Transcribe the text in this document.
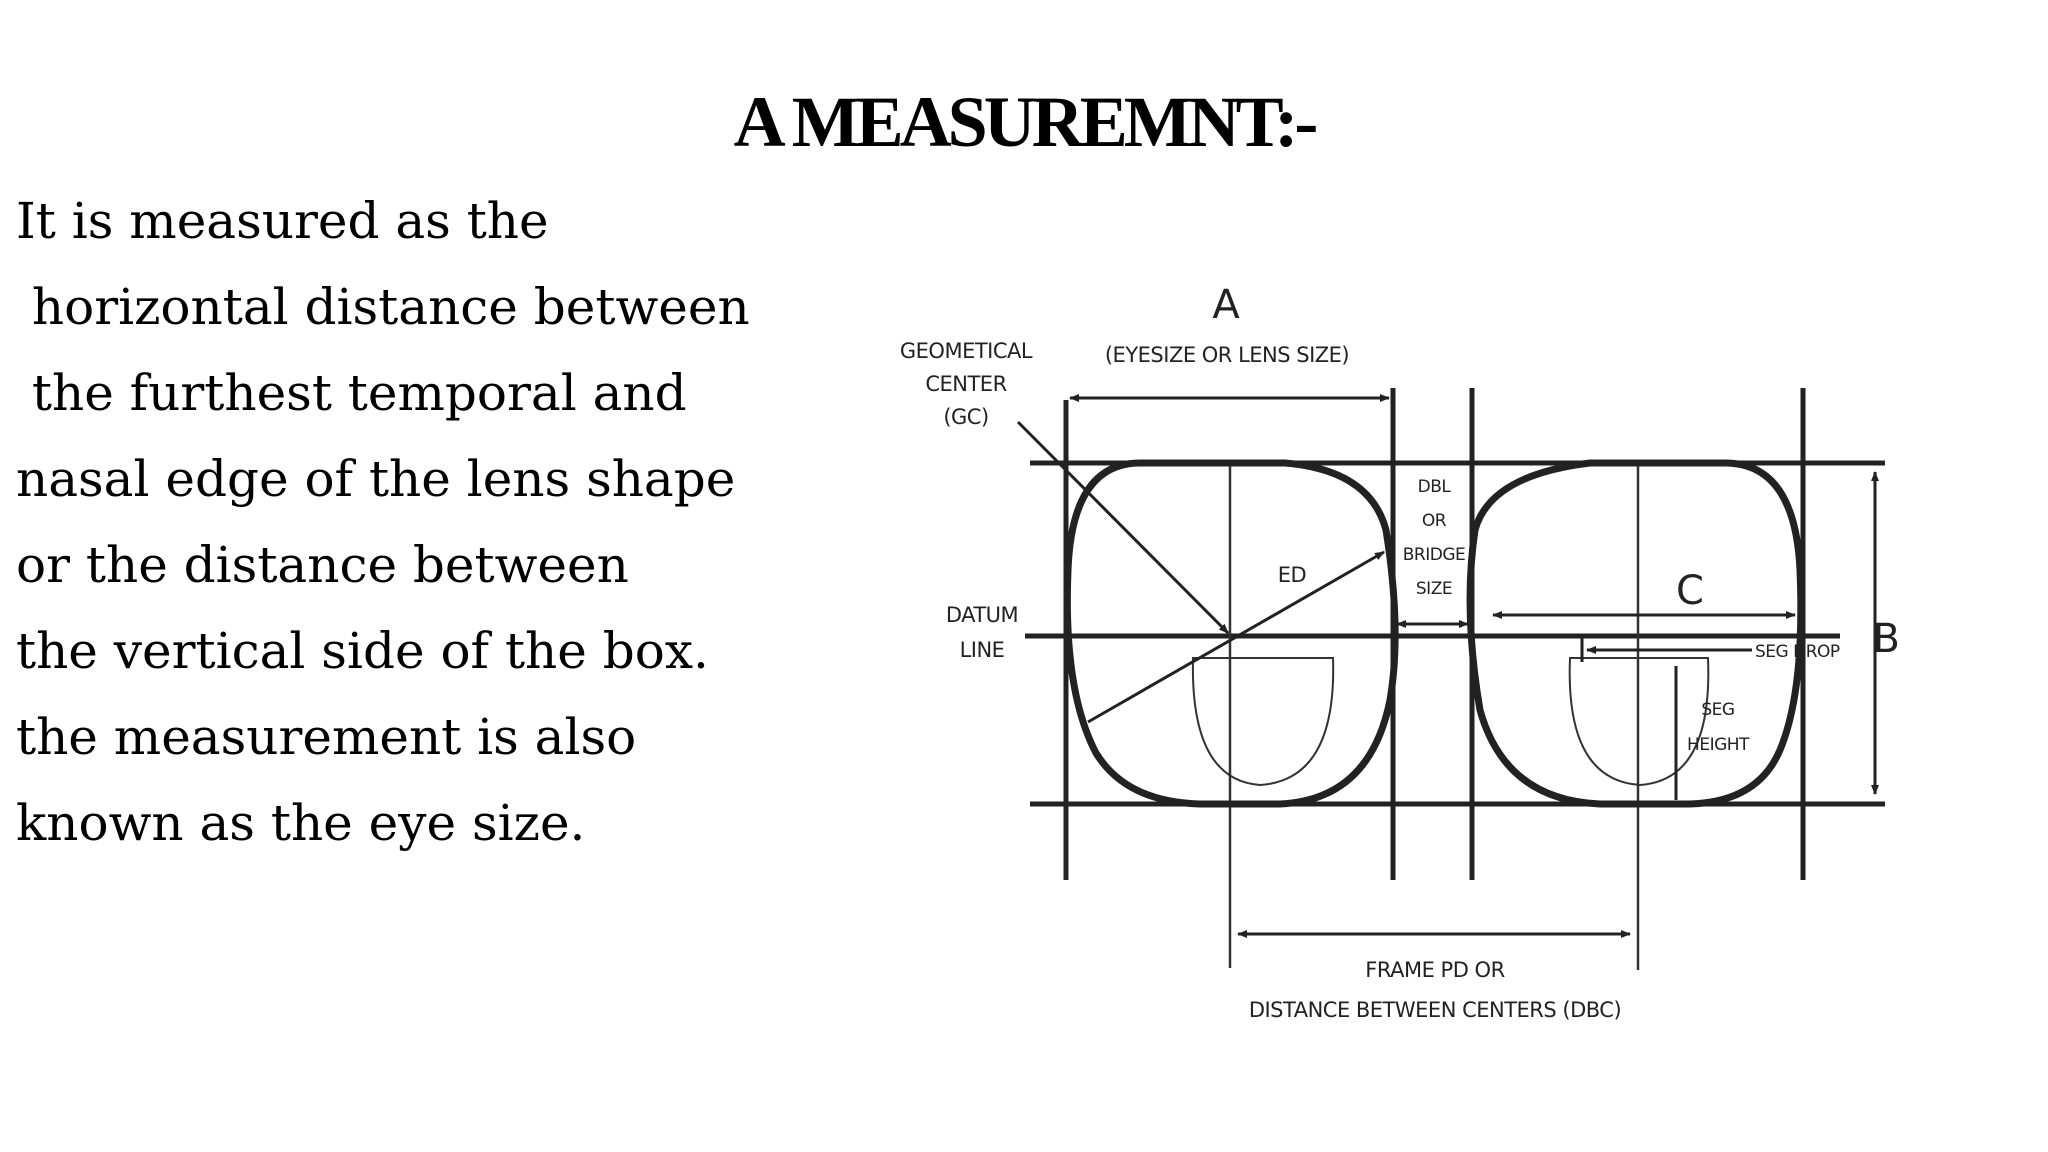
A MEASUREMNT:-
It is measured as the
horizontal distance between
the furthest temporal and
nasal edge of the lens shape
or the distance between
the vertical side of the box.
the measurement is also
known as the eye size.
A
(EYESIZE OR LENS SIZE)
GEOMETICAL
CENTER
(GC)
DATUM
LINE
ED
DBL
OR
BRIDGE
SIZE	C
B
SEG DROP
SEG
HEIGHT
FRAME PD OR
DISTANCE BETWEEN CENTERS (DBC)
